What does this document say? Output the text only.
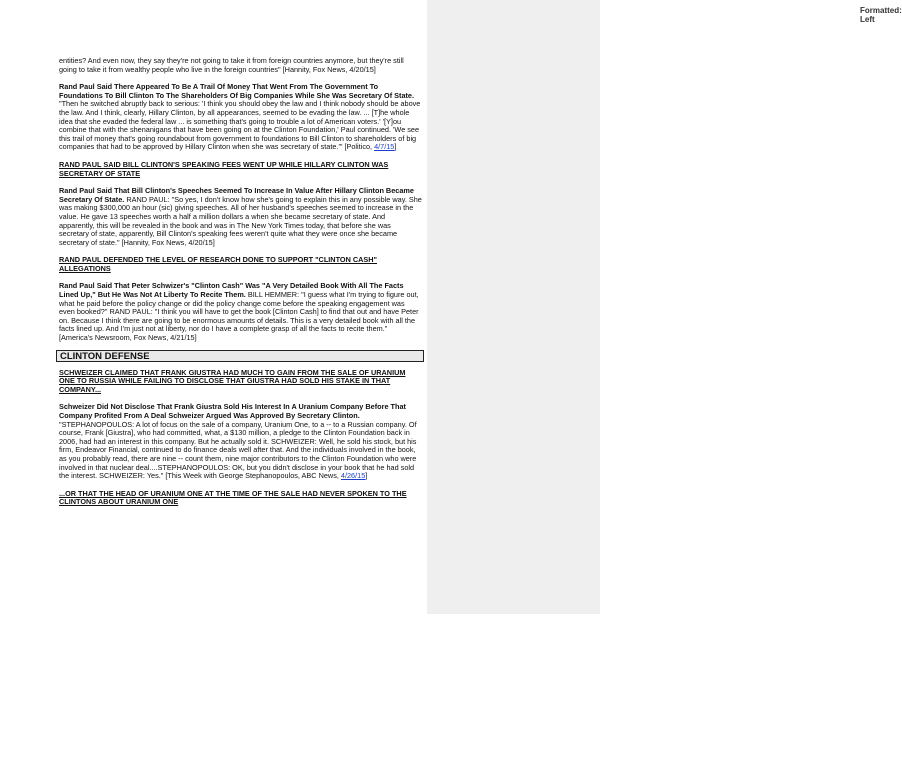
Formatted: Left

entities? And even now, they say they're not going to take it from foreign countries anymore, but they're still going to take it from wealthy people who live in the foreign countries" [Hannity, Fox News, 4/20/15]

Rand Paul Said There Appeared To Be A Trail Of Money That Went From The Government To Foundations To Bill Clinton To The Shareholders Of Big Companies While She Was Secretary Of State. "Then he switched abruptly back to serious: 'I think you should obey the law and I think nobody should be above the law. And I think, clearly, Hillary Clinton, by all appearances, seemed to be evading the law. ... [T]he whole idea that she evaded the federal law ... is something that's going to trouble a lot of American voters.' '[Y]ou combine that with the shenanigans that have been going on at the Clinton Foundation,' Paul continued. 'We see this trail of money that's going roundabout from government to foundations to Bill Clinton to shareholders of big companies that had to be approved by Hillary Clinton when she was secretary of state.'" [Politico, 4/7/15]

RAND PAUL SAID BILL CLINTON'S SPEAKING FEES WENT UP WHILE HILLARY CLINTON WAS SECRETARY OF STATE

Rand Paul Said That Bill Clinton's Speeches Seemed To Increase In Value After Hillary Clinton Became Secretary Of State. RAND PAUL: "So yes, I don't know how she's going to explain this in any possible way. She was making $300,000 an hour (sic) giving speeches. All of her husband's speeches seemed to increase in the value. He gave 13 speeches worth a half a million dollars a when she became secretary of state. And apparently, this will be revealed in the book and was in The New York Times today, that before she was secretary of state, apparently, Bill Clinton's speaking fees weren't quite what they were once she became secretary of state." [Hannity, Fox News, 4/20/15]

RAND PAUL DEFENDED THE LEVEL OF RESEARCH DONE TO SUPPORT "CLINTON CASH" ALLEGATIONS

Rand Paul Said That Peter Schwizer's "Clinton Cash" Was "A Very Detailed Book With All The Facts Lined Up," But He Was Not At Liberty To Recite Them. BILL HEMMER: "I guess what I'm trying to figure out, what he paid before the policy change or did the policy change come before the speaking engagement was even booked?" RAND PAUL: "I think you will have to get the book [Clinton Cash] to find that out and have Peter on. Because I think there are going to be enormous amounts of details. This is a very detailed book with all the facts lined up. And I'm just not at liberty, nor do I have a complete grasp of all the facts to recite them." [America's Newsroom, Fox News, 4/21/15]

CLINTON DEFENSE

SCHWEIZER CLAIMED THAT FRANK GIUSTRA HAD MUCH TO GAIN FROM THE SALE OF URANIUM ONE TO RUSSIA WHILE FAILING TO DISCLOSE THAT GIUSTRA HAD SOLD HIS STAKE IN THAT COMPANY...

Schweizer Did Not Disclose That Frank Giustra Sold His Interest In A Uranium Company Before That Company Profited From A Deal Schweizer Argued Was Approved By Secretary Clinton. "STEPHANOPOULOS: A lot of focus on the sale of a company, Uranium One, to a -- to a Russian company. Of course, Frank [Giustra], who had committed, what, a $130 million, a pledge to the Clinton Foundation back in 2006, had had an interest in this company. But he actually sold it. SCHWEIZER: Well, he sold his stock, but his firm, Endeavor Financial, continued to do finance deals well after that. And the individuals involved in the book, as you probably read, there are nine -- count them, nine major contributors to the Clinton Foundation who were involved in that nuclear deal....STEPHANOPOULOS: OK, but you didn't disclose in your book that he had sold the interest. SCHWEIZER: Yes." [This Week with George Stephanopoulos, ABC News, 4/26/15]

...OR THAT THE HEAD OF URANIUM ONE AT THE TIME OF THE SALE HAD NEVER SPOKEN TO THE CLINTONS ABOUT URANIUM ONE
